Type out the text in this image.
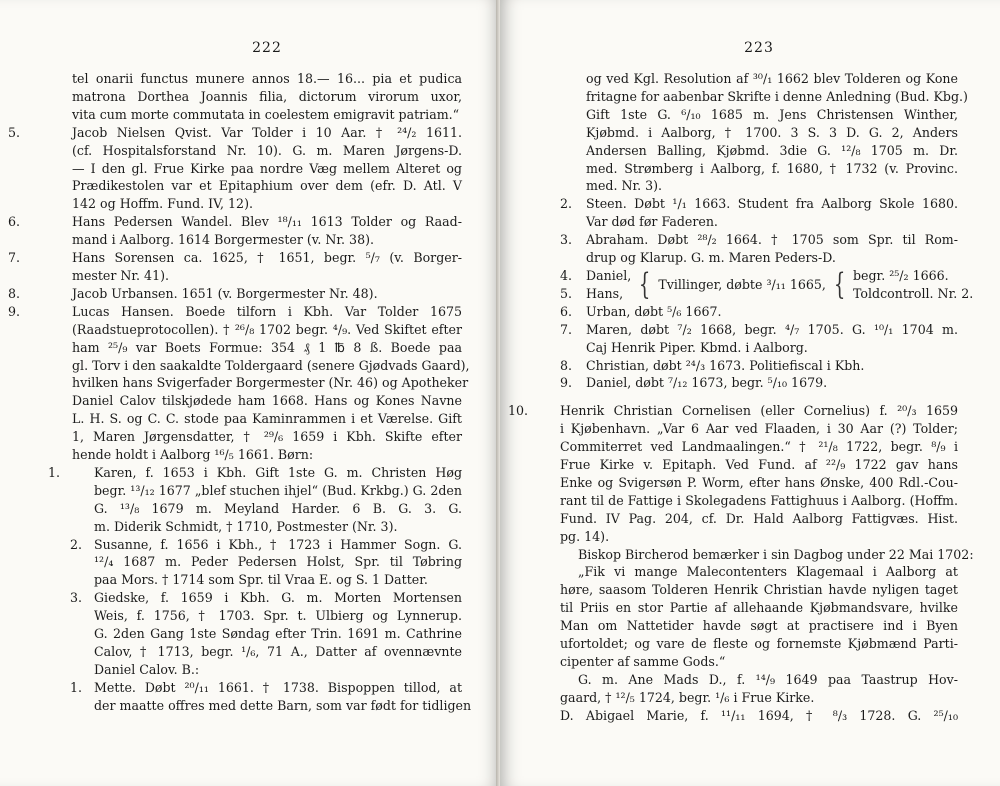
222
tel onarii functus munere annos 18.— 16... pia et pudica
matrona Dorthea Joannis filia, dictorum virorum uxor,
vita cum morte commutata in coelestem emigravit patriam.“
5.	Jacob Nielsen Qvist. Var Tolder i 10 Aar. † ²⁴/₂ 1611.
(cf. Hospitalsforstand Nr. 10). G. m. Maren Jørgens-D.
— I den gl. Frue Kirke paa nordre Væg mellem Alteret og
Prædikestolen var et Epitaphium over dem (efr. D. Atl. V
142 og Hoffm. Fund. IV, 12).
6.	Hans Pedersen Wandel. Blev ¹⁸/₁₁ 1613 Tolder og Raad-
mand i Aalborg. 1614 Borgermester (v. Nr. 38).
7.	Hans Sorensen ca. 1625, † 1651, begr. ⁵/₇ (v. Borger-
mester Nr. 41).
8.	Jacob Urbansen. 1651 (v. Borgermester Nr. 48).
9.	Lucas Hansen. Boede tilforn i Kbh. Var Tolder 1675
(Raadstueprotocollen). † ²⁶/₈ 1702 begr. ⁴/₉. Ved Skiftet efter
ham ²⁵/₉ var Boets Formue: 354 ₰ 1 ℔ 8 ß. Boede paa
gl. Torv i den saakaldte Toldergaard (senere Gjødvads Gaard),
hvilken hans Svigerfader Borgermester (Nr. 46) og Apotheker
Daniel Calov tilskjødede ham 1668. Hans og Kones Navne
L. H. S. og C. C. stode paa Kaminrammen i et Værelse. Gift
1, Maren Jørgensdatter, † ²⁹/₆ 1659 i Kbh. Skifte efter
hende holdt i Aalborg ¹⁶/₅ 1661. Børn:
1.	Karen, f. 1653 i Kbh. Gift 1ste G. m. Christen Høg
begr. ¹³/₁₂ 1677 „blef stuchen ihjel“ (Bud. Krkbg.) G. 2den
G. ¹³/₈ 1679 m. Meyland Harder. 6 B. G. 3. G.
m. Diderik Schmidt, † 1710, Postmester (Nr. 3).
2. Susanne, f. 1656 i Kbh., † 1723 i Hammer Sogn. G.
¹²/₄ 1687 m. Peder Pedersen Holst, Spr. til Tøbring
paa Mors. † 1714 som Spr. til Vraa E. og S. 1 Datter.
3. Giedske, f. 1659 i Kbh. G. m. Morten Mortensen
Weis, f. 1756, † 1703. Spr. t. Ulbierg og Lynnerup.
G. 2den Gang 1ste Søndag efter Trin. 1691 m. Cathrine
Calov, † 1713, begr. ¹/₆, 71 A., Datter af ovennævnte
Daniel Calov. B.:
1. Mette. Døbt ²⁰/₁₁ 1661. † 1738. Bispoppen tillod, at
der maatte offres med dette Barn, som var født for tidligen
223
og ved Kgl. Resolution af ³⁰/₁ 1662 blev Tolderen og Kone
fritagne for aabenbar Skrifte i denne Anledning (Bud. Kbg.)
Gift 1ste G. ⁶/₁₀ 1685 m. Jens Christensen Winther,
Kjøbmd. i Aalborg, † 1700. 3 S. 3 D. G. 2, Anders
Andersen Balling, Kjøbmd. 3die G. ¹²/₈ 1705 m. Dr.
med. Strømberg i Aalborg, f. 1680, † 1732 (v. Provinc.
med. Nr. 3).
2. Steen. Døbt ¹/₁ 1663. Student fra Aalborg Skole 1680.
Var død før Faderen.
3. Abraham. Døbt ²⁸/₂ 1664. † 1705 som Spr. til Rom-
drup og Klarup. G. m. Maren Peders-D.
4.
5.
Daniel,
Hans, { Tvillinger, døbte ³/₁₁ 1665, { begr. ²⁵/₂ 1666.
Toldcontroll. Nr. 2.
6. Urban, døbt ⁵/₆ 1667.
7. Maren, døbt ⁷/₂ 1668, begr. ⁴/₇ 1705. G. ¹⁰/₁ 1704 m.
Caj Henrik Piper. Kbmd. i Aalborg.
8. Christian, døbt ²⁴/₃ 1673. Politiefiscal i Kbh.
9. Daniel, døbt ⁷/₁₂ 1673, begr. ⁵/₁₀ 1679.
10.	Henrik Christian Cornelisen (eller Cornelius) f. ²⁰/₃ 1659
i Kjøbenhavn. „Var 6 Aar ved Flaaden, i 30 Aar (?) Tolder;
Commiterret ved Landmaalingen.“ † ²¹/₈ 1722, begr. ⁸/₉ i
Frue Kirke v. Epitaph. Ved Fund. af ²²/₉ 1722 gav hans
Enke og Svigersøn P. Worm, efter hans Ønske, 400 Rdl.-Cou-
rant til de Fattige i Skolegadens Fattighuus i Aalborg. (Hoffm.
Fund. IV Pag. 204, cf. Dr. Hald Aalborg Fattigvæs. Hist.
pg. 14).
Biskop Bircherod bemærker i sin Dagbog under 22 Mai 1702:
„Fik vi mange Malecontenters Klagemaal i Aalborg at
høre, saasom Tolderen Henrik Christian havde nyligen taget
til Priis en stor Partie af allehaande Kjøbmandsvare, hvilke
Man om Nattetider havde søgt at practisere ind i Byen
ufortoldet; og vare de fleste og fornemste Kjøbmænd Parti-
cipenter af samme Gods.“
G. m. Ane Mads D., f. ¹⁴/₉ 1649 paa Taastrup Hov-
gaard, † ¹²/₅ 1724, begr. ¹/₆ i Frue Kirke.
D. Abigael Marie, f. ¹¹/₁₁ 1694, † ⁸/₃ 1728. G. ²⁵/₁₀
